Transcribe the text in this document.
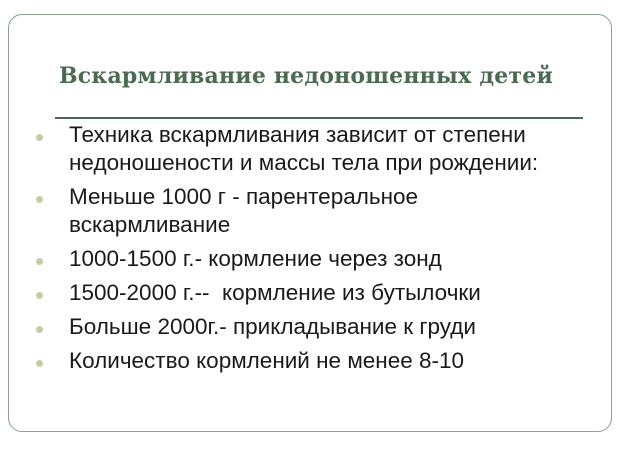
Вскармливание недоношенных детей
Техника вскармливания зависит от степени недоношености и массы тела при рождении:
Меньше 1000 г - парентеральное вскармливание
1000-1500 г.- кормление через зонд
1500-2000 г.--  кормление из бутылочки
Больше 2000г.- прикладывание к груди
Количество кормлений не менее 8-10
